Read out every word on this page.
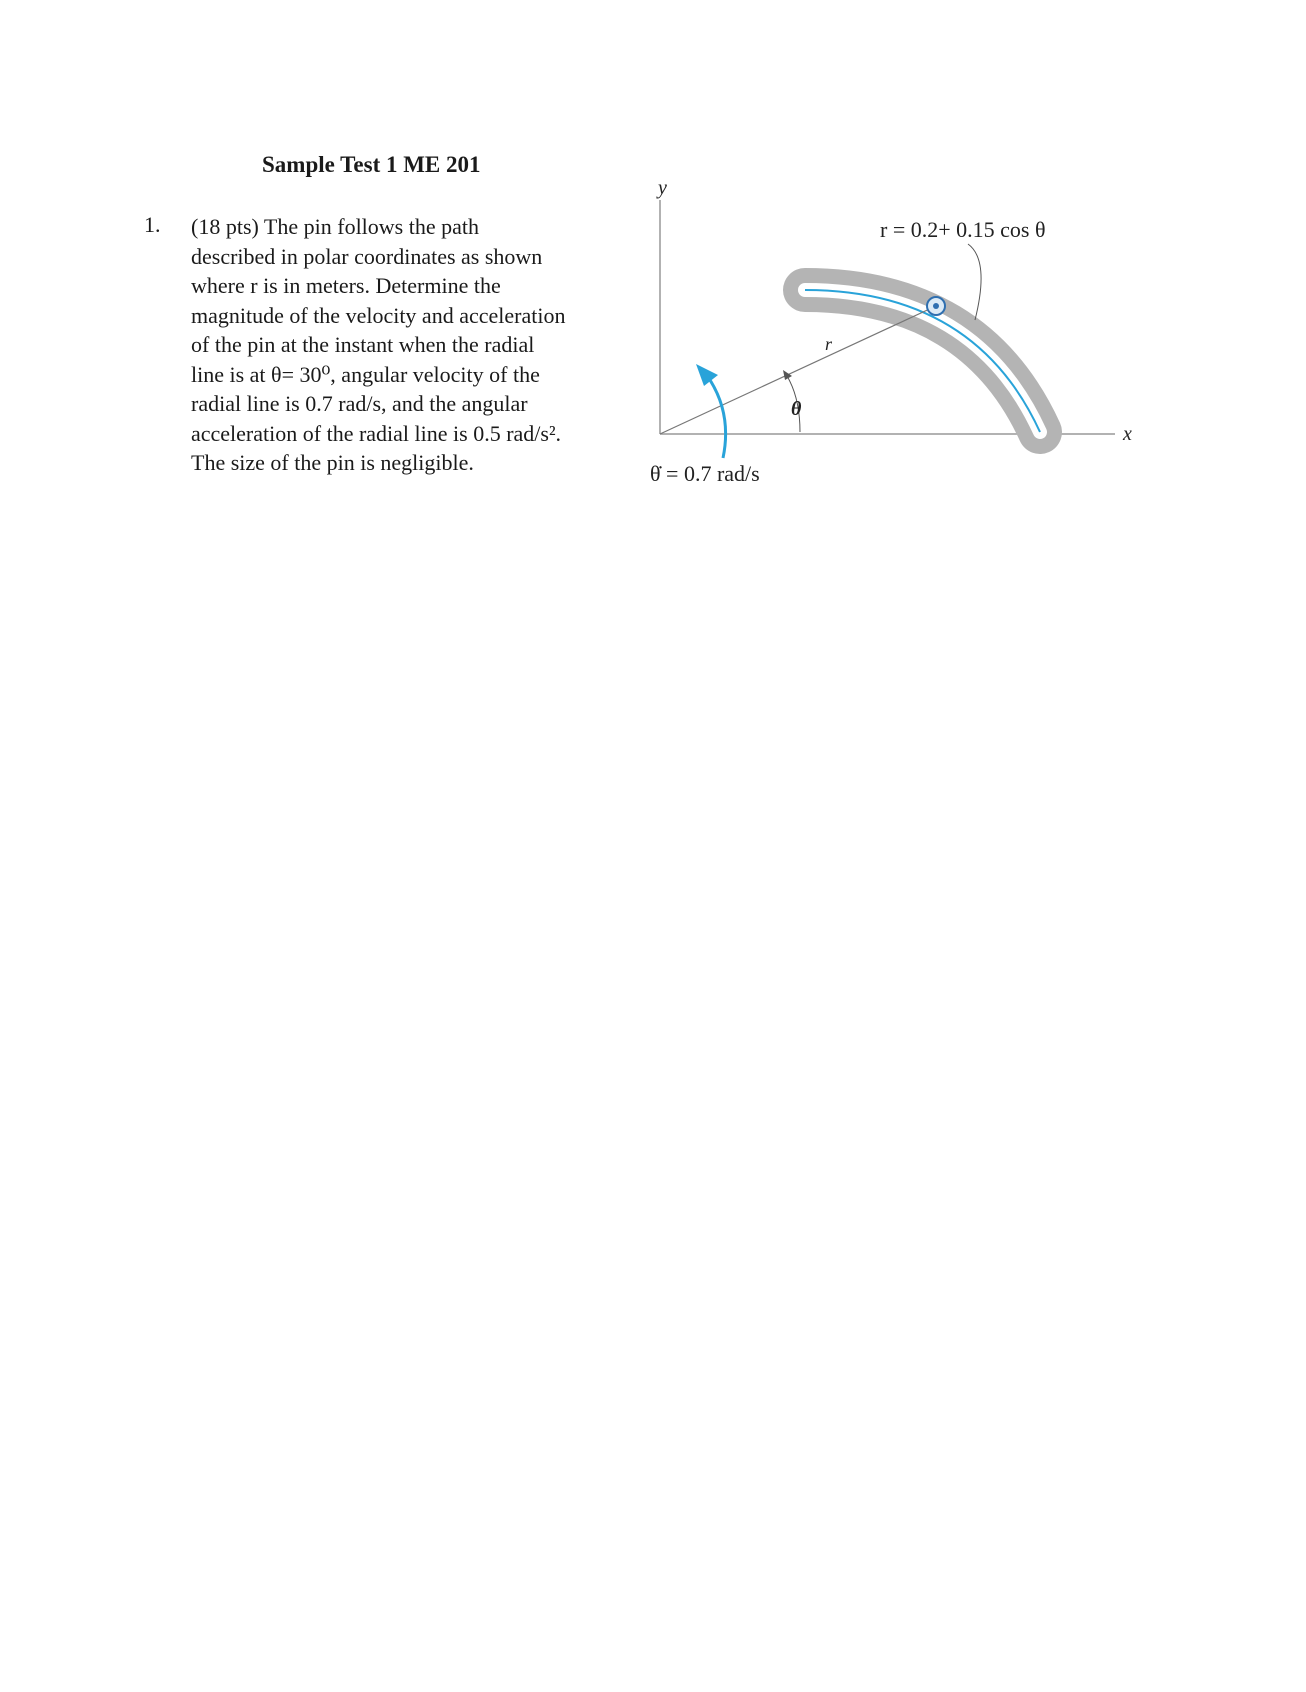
Sample Test 1 ME 201
1. (18 pts) The pin follows the path
described in polar coordinates as shown
where r is in meters. Determine the
magnitude of the velocity and acceleration
of the pin at the instant when the radial
line is at θ= 30⁰, angular velocity of the
radial line is 0.7 rad/s, and the angular
acceleration of the radial line is 0.5 rad/s².
The size of the pin is negligible.
y
x
r
θ
r = 0.2+ 0.15 cos θ
θ̇ = 0.7 rad/s
